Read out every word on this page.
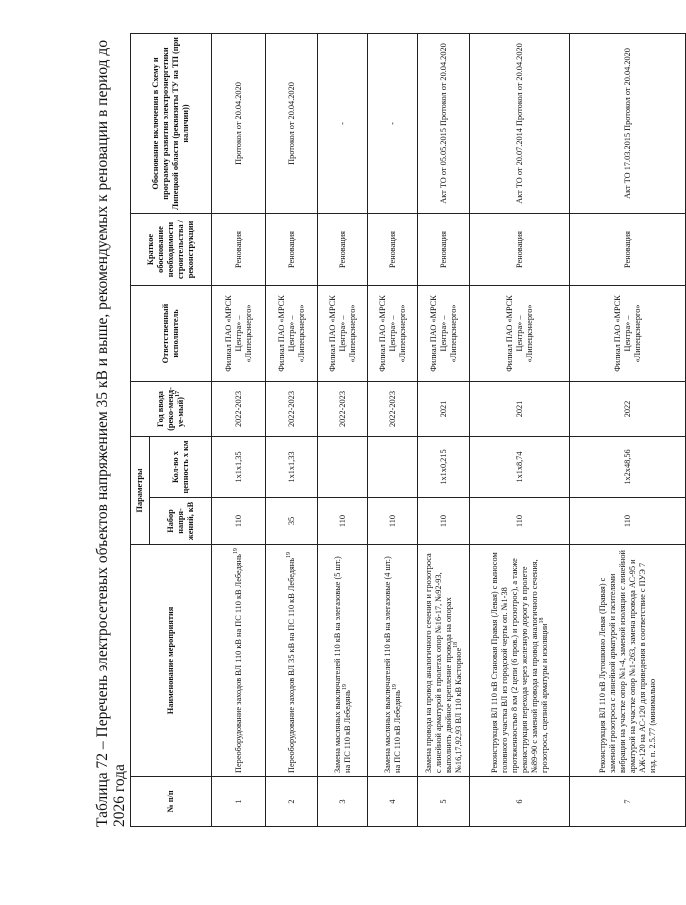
Таблица 72 – Перечень электросетевых объектов напряжением 35 кВ и выше, рекомендуемых к реновации в период до 2026 года	№ п/п	Наименование мероприятия	Параметры		Год ввода (реко-мендуе-мый)$^{17}$	Ответственный исполнитель	Краткое обоснование необходимости строительства / реконструкции	Обоснование включения в Схему и программу развития электроэнергетики Липецкой области (реквизиты ТУ на ТП (при наличии))
		Набор напря-жений, кВ	Кол-во х цепность х км				
1	Переоборудование заходов ВЛ 110 кВ на ПС 110 кВ Лебедянь$^{19}$	110	1х1х1,35	2022-2023	Филиал ПАО «МРСК Центра» – «Липецкэнерго»	Реновация	Протокол от 20.04.2020
2	Переоборудование заходов ВЛ 35 кВ на ПС 110 кВ Лебедянь$^{19}$	35	1х1х1,33	2022-2023	Филиал ПАО «МРСК Центра» – «Липецкэнерго»	Реновация	Протокол от 20.04.2020
3	Замена масляных выключателей 110 кВ на элегазовые (5 шт.) на ПС 110 кВ Лебедянь$^{19}$	110		2022-2023	Филиал ПАО «МРСК Центра» – «Липецкэнерго»	Реновация	-
4	Замена масляных выключателей 110 кВ на элегазовые (4 шт.) на ПС 110 кВ Лебедянь$^{19}$	110		2022-2023	Филиал ПАО «МРСК Центра» – «Липецкэнерго»	Реновация	-
5	Замена провода на провод аналогичного сечения и грозотроса с линейной арматурой в пролетах опор №16-17, №92-93, выполнить двойное крепление провода на опорах №16,17,92,93 ВЛ 110 кВ Касторное$^{18}$	110	1х1х0,215	2021	Филиал ПАО «МРСК Центра» – «Липецкэнерго»	Реновация	Акт ТО от 05.05.2015 Протокол от 20.04.2020
6	Реконструкция ВЛ 110 кВ Становая Правая (Левая) с выносом головного участка ВЛ из городской черты оп. №1-38 протяженностью 8 км (2 цепи (6 пров.) и грозотрос), а также реконструкция перехода через железную дорогу в пролете №89-90 с заменой провода на провод аналогичного сечения, грозотроса, сцепной арматуры и изоляции$^{18}$	110	1х1х8,74	2021	Филиал ПАО «МРСК Центра» – «Липецкэнерго»	Реновация	Акт ТО от 20.07.2014 Протокол от 20.04.2020
7	Реконструкция ВЛ 110 кВ Лутошкино Левая (Правая) с заменой грозотроса с линейной арматурой и гасителями вибрации на участке опор №1-4, заменой изоляции с линейной арматурой на участке опор №1-263, замена провода АС-95 и АЖ-120 на АС-120 для приведения в соответствие с ПУЭ 7 изд. п. 2.5.77 (минимально	110	1х2х48,56	2022	Филиал ПАО «МРСК Центра» – «Липецкэнерго»	Реновация	Акт ТО 17.03.2015 Протокол от 20.04.2020
